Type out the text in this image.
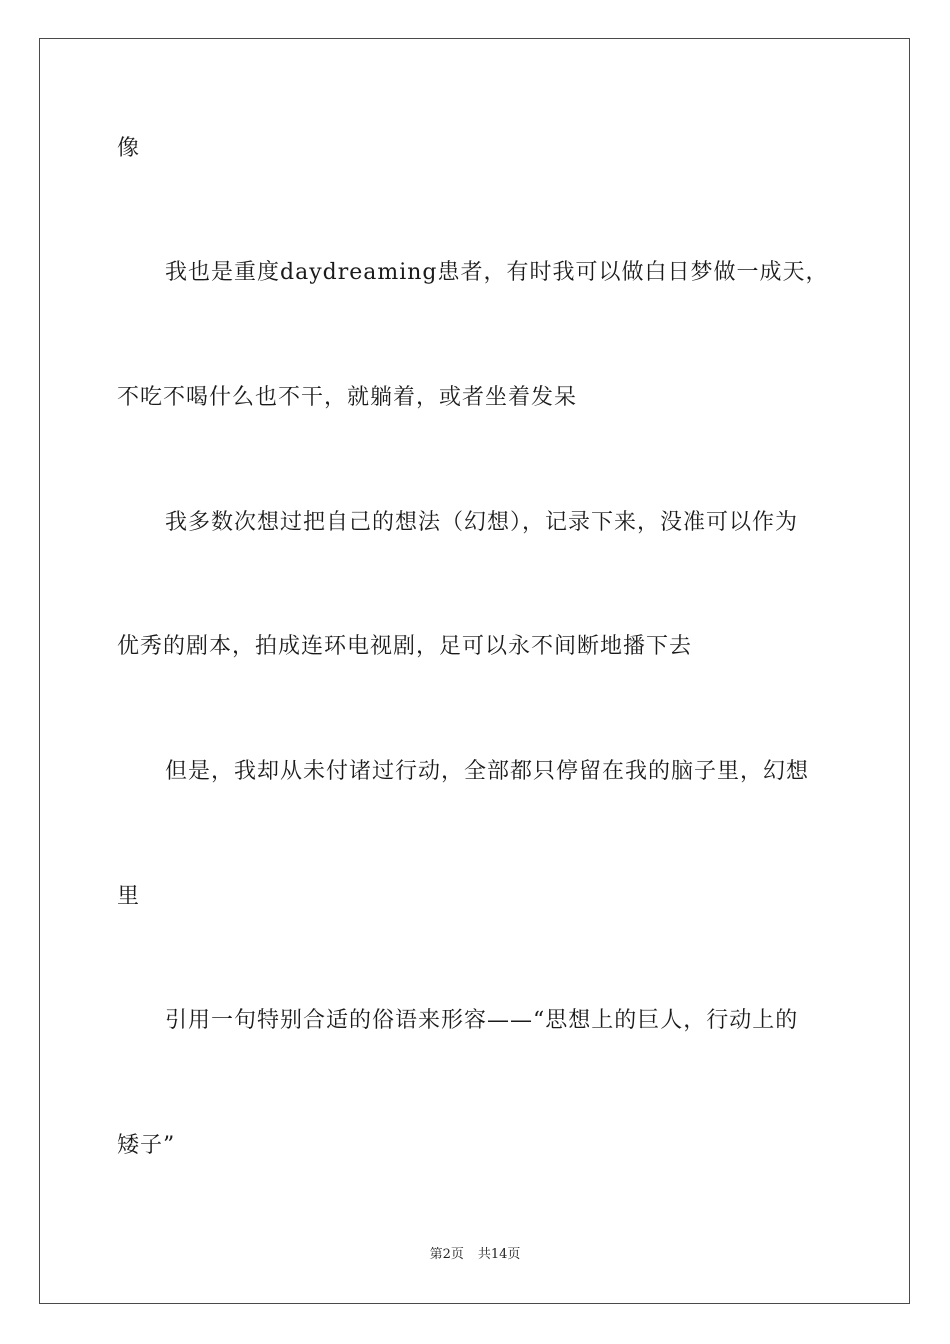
像
我也是重度daydreaming患者，有时我可以做白日梦做一成天，
不吃不喝什么也不干，就躺着，或者坐着发呆
我多数次想过把自己的想法（幻想），记录下来，没准可以作为
优秀的剧本，拍成连环电视剧，足可以永不间断地播下去
但是，我却从未付诸过行动，全部都只停留在我的脑子里，幻想
里
引用一句特别合适的俗语来形容——“思想上的巨人，行动上的
矮子”
第2页 共14页
